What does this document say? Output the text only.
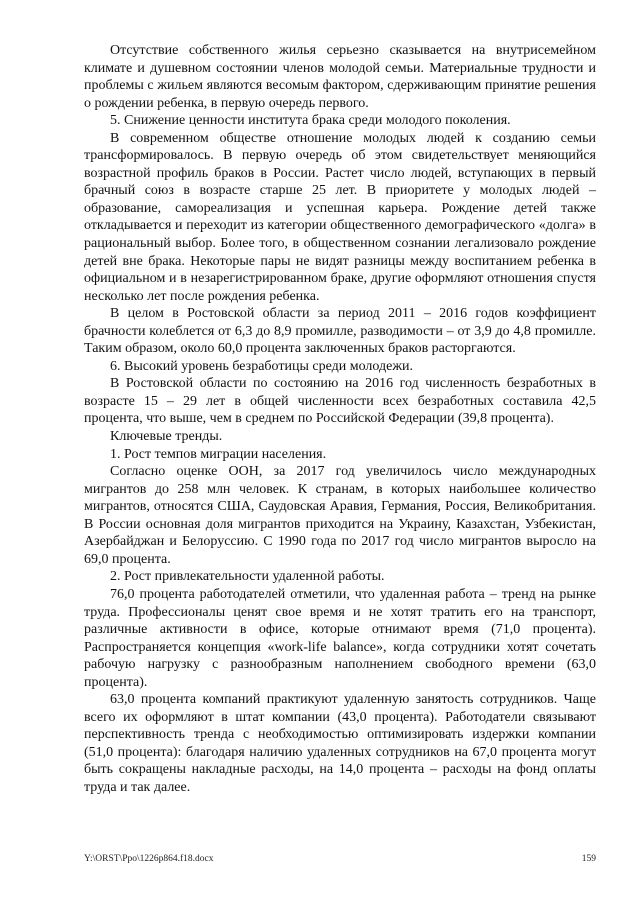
Отсутствие собственного жилья серьезно сказывается на внутрисемейном климате и душевном состоянии членов молодой семьи. Материальные трудности и проблемы с жильем являются весомым фактором, сдерживающим принятие решения о рождении ребенка, в первую очередь первого.

5. Снижение ценности института брака среди молодого поколения.

В современном обществе отношение молодых людей к созданию семьи трансформировалось. В первую очередь об этом свидетельствует меняющийся возрастной профиль браков в России. Растет число людей, вступающих в первый брачный союз в возрасте старше 25 лет. В приоритете у молодых людей – образование, самореализация и успешная карьера. Рождение детей также откладывается и переходит из категории общественного демографического «долга» в рациональный выбор. Более того, в общественном сознании легализовало рождение детей вне брака. Некоторые пары не видят разницы между воспитанием ребенка в официальном и в незарегистрированном браке, другие оформляют отношения спустя несколько лет после рождения ребенка.

В целом в Ростовской области за период 2011 – 2016 годов коэффициент брачности колеблется от 6,3 до 8,9 промилле, разводимости – от 3,9 до 4,8 промилле. Таким образом, около 60,0 процента заключенных браков расторгаются.

6. Высокий уровень безработицы среди молодежи.

В Ростовской области по состоянию на 2016 год численность безработных в возрасте 15 – 29 лет в общей численности всех безработных составила 42,5 процента, что выше, чем в среднем по Российской Федерации (39,8 процента).

Ключевые тренды.

1. Рост темпов миграции населения.

Согласно оценке ООН, за 2017 год увеличилось число международных мигрантов до 258 млн человек. К странам, в которых наибольшее количество мигрантов, относятся США, Саудовская Аравия, Германия, Россия, Великобритания. В России основная доля мигрантов приходится на Украину, Казахстан, Узбекистан, Азербайджан и Белоруссию. С 1990 года по 2017 год число мигрантов выросло на 69,0 процента.

2. Рост привлекательности удаленной работы.

76,0 процента работодателей отметили, что удаленная работа – тренд на рынке труда. Профессионалы ценят свое время и не хотят тратить его на транспорт, различные активности в офисе, которые отнимают время (71,0 процента). Распространяется концепция «work-life balance», когда сотрудники хотят сочетать рабочую нагрузку с разнообразным наполнением свободного времени (63,0 процента).

63,0 процента компаний практикуют удаленную занятость сотрудников. Чаще всего их оформляют в штат компании (43,0 процента). Работодатели связывают перспективность тренда с необходимостью оптимизировать издержки компании (51,0 процента): благодаря наличию удаленных сотрудников на 67,0 процента могут быть сокращены накладные расходы, на 14,0 процента – расходы на фонд оплаты труда и так далее.

Y:\ORST\Ppo\1226p864.f18.docx	159
